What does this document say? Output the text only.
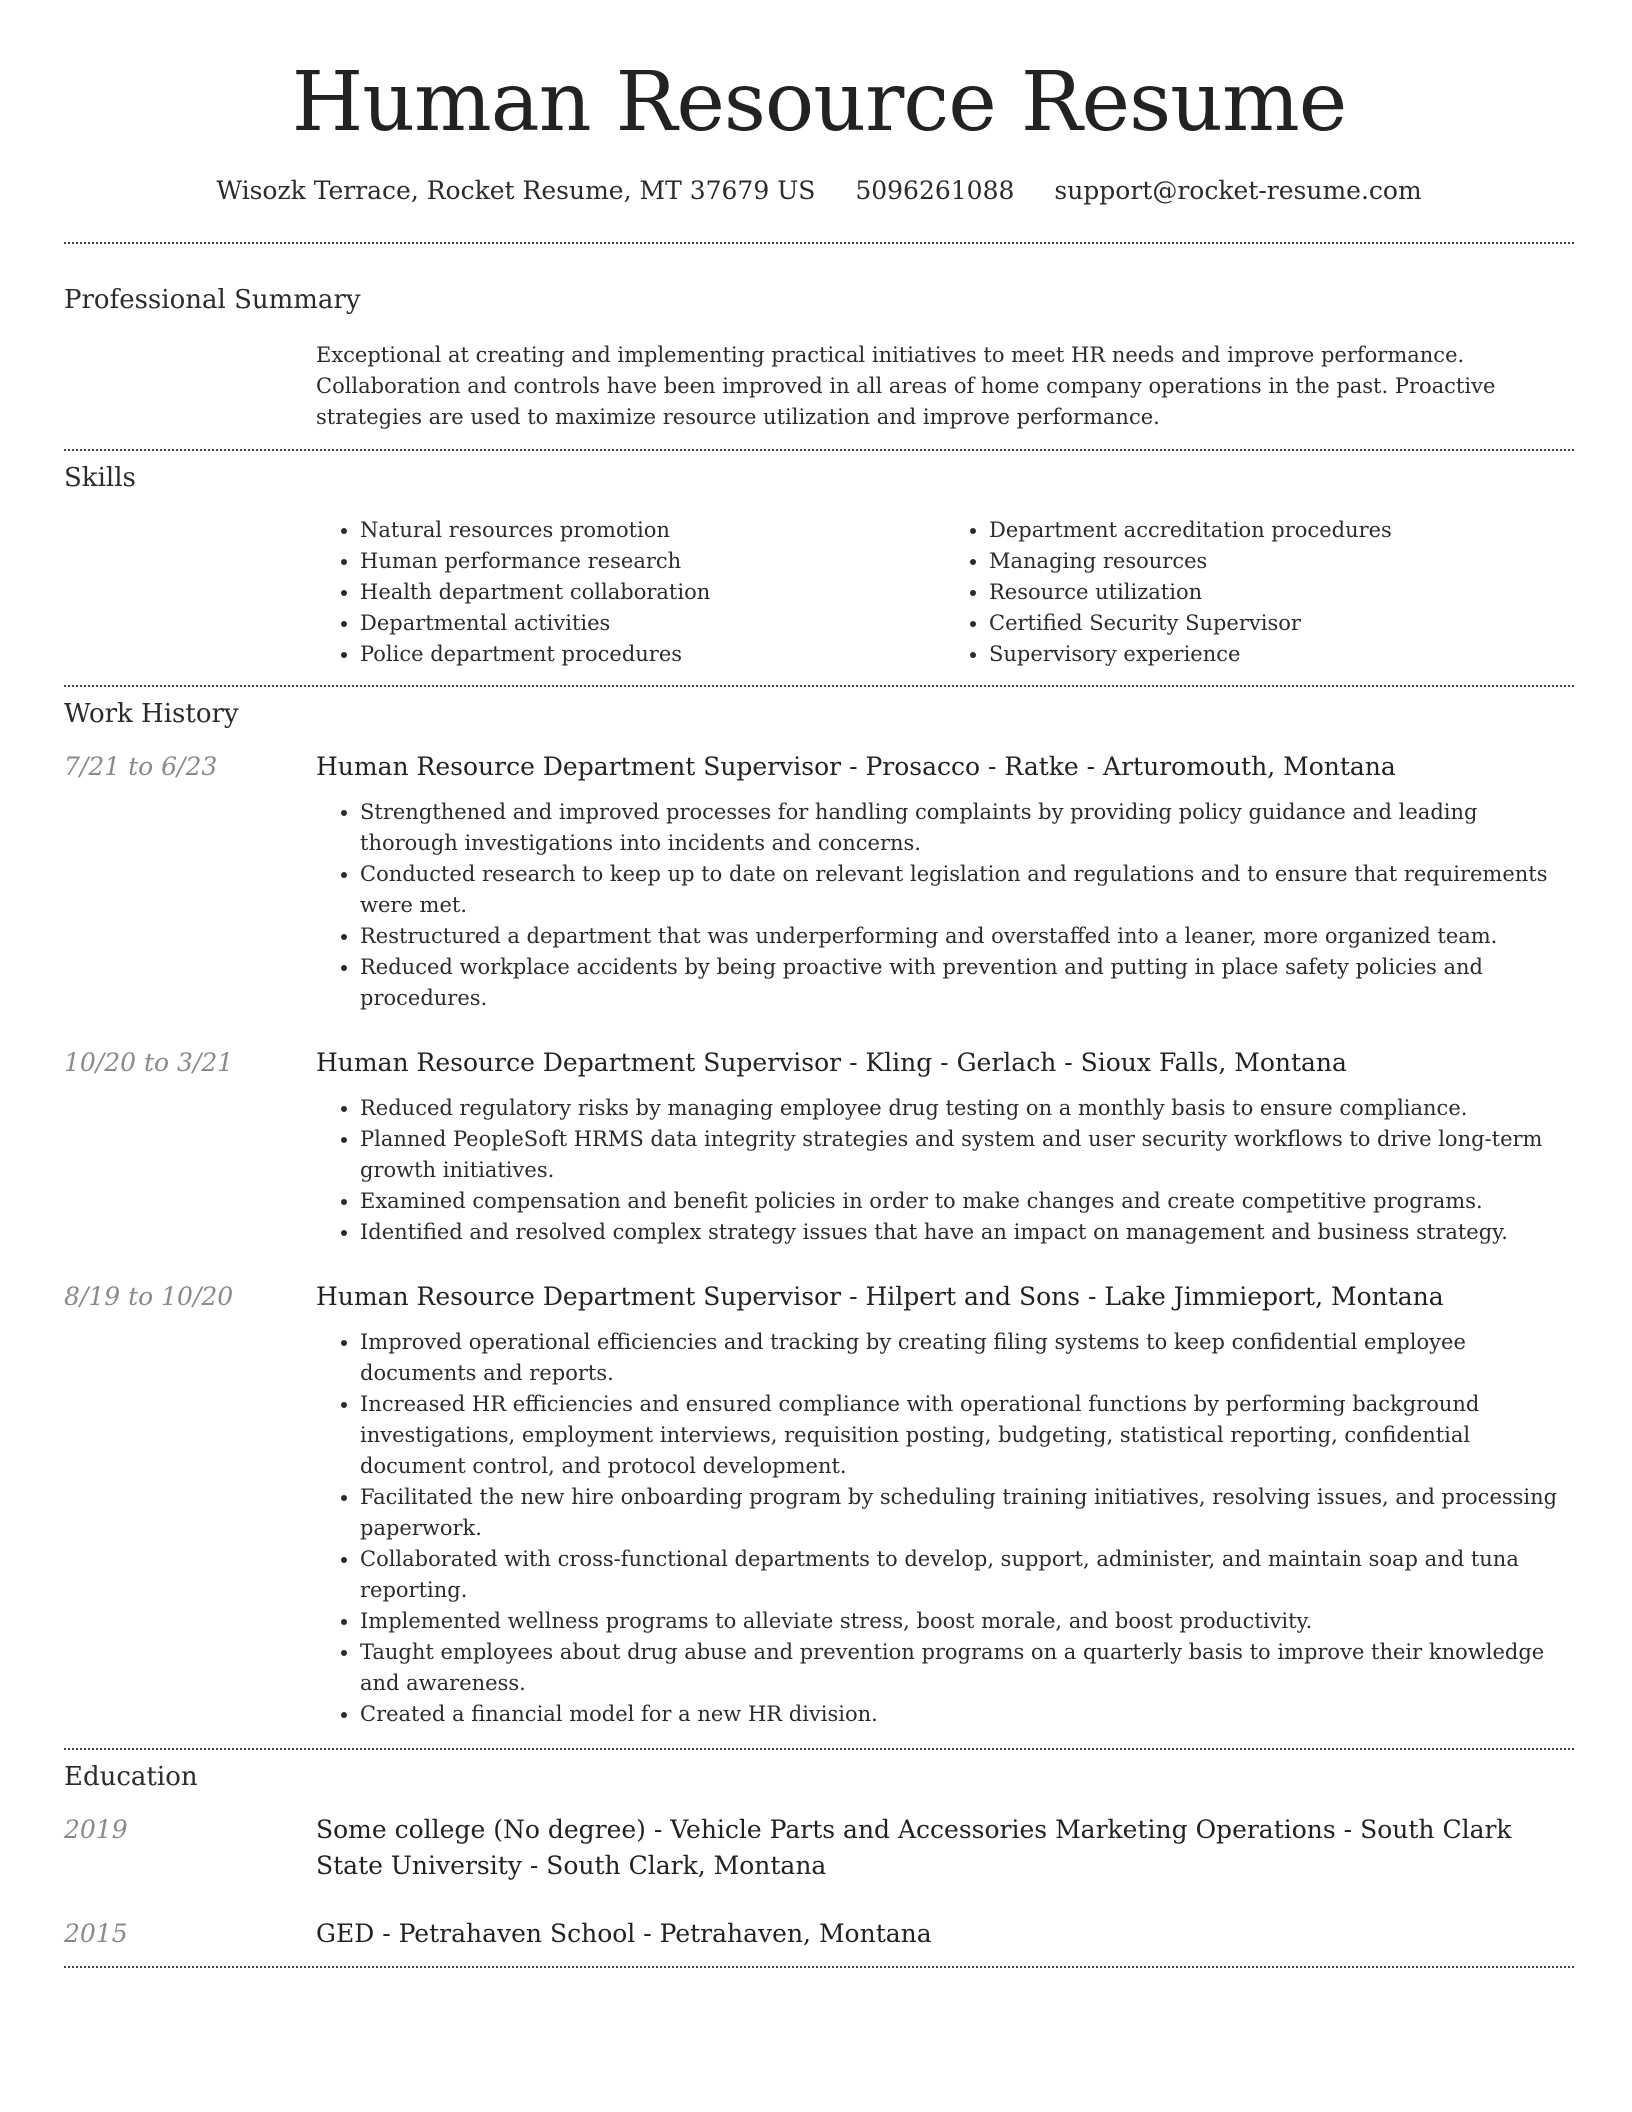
Human Resource Resume
Wisozk Terrace, Rocket Resume, MT 37679 US 5096261088 support@rocket-resume.com
Professional Summary

Exceptional at creating and implementing practical initiatives to meet HR needs and improve performance. Collaboration and controls have been improved in all areas of home company operations in the past. Proactive strategies are used to maximize resource utilization and improve performance.

Skills
• Natural resources promotion
• Human performance research
• Health department collaboration
• Departmental activities
• Police department procedures
• Department accreditation procedures
• Managing resources
• Resource utilization
• Certified Security Supervisor
• Supervisory experience
Work History
7/21 to 6/23	Human Resource Department Supervisor - Prosacco - Ratke - Arturomouth, Montana
• Strengthened and improved processes for handling complaints by providing policy guidance and leading thorough investigations into incidents and concerns.
• Conducted research to keep up to date on relevant legislation and regulations and to ensure that requirements were met.
• Restructured a department that was underperforming and overstaffed into a leaner, more organized team.
• Reduced workplace accidents by being proactive with prevention and putting in place safety policies and procedures.
10/20 to 3/21	Human Resource Department Supervisor - Kling - Gerlach - Sioux Falls, Montana
• Reduced regulatory risks by managing employee drug testing on a monthly basis to ensure compliance.
• Planned PeopleSoft HRMS data integrity strategies and system and user security workflows to drive long-term growth initiatives.
• Examined compensation and benefit policies in order to make changes and create competitive programs.
• Identified and resolved complex strategy issues that have an impact on management and business strategy.
8/19 to 10/20	Human Resource Department Supervisor - Hilpert and Sons - Lake Jimmieport, Montana
• Improved operational efficiencies and tracking by creating filing systems to keep confidential employee documents and reports.
• Increased HR efficiencies and ensured compliance with operational functions by performing background investigations, employment interviews, requisition posting, budgeting, statistical reporting, confidential document control, and protocol development.
• Facilitated the new hire onboarding program by scheduling training initiatives, resolving issues, and processing paperwork.
• Collaborated with cross-functional departments to develop, support, administer, and maintain soap and tuna reporting.
• Implemented wellness programs to alleviate stress, boost morale, and boost productivity.
• Taught employees about drug abuse and prevention programs on a quarterly basis to improve their knowledge and awareness.
• Created a financial model for a new HR division.
Education
2019	Some college (No degree) - Vehicle Parts and Accessories Marketing Operations - South Clark State University - South Clark, Montana
2015	GED - Petrahaven School - Petrahaven, Montana
